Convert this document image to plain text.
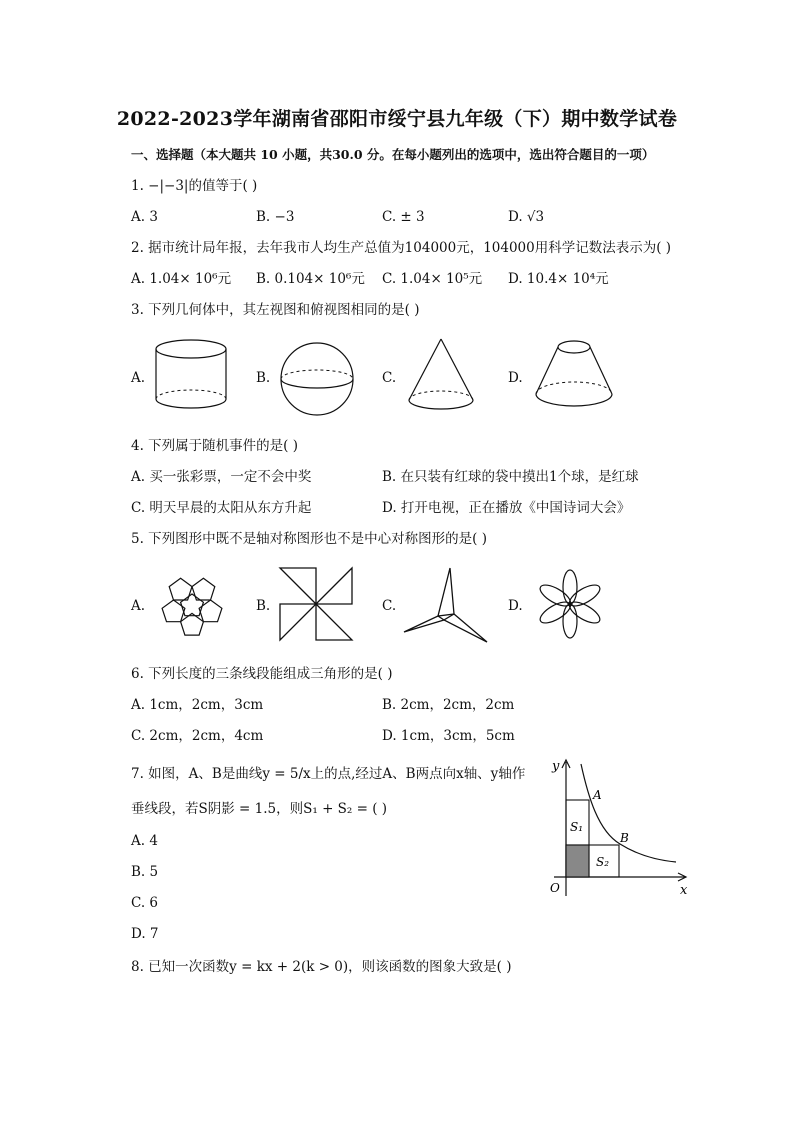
2022-2023学年湖南省邵阳市绥宁县九年级（下）期中数学试卷
一、选择题（本大题共 10 小题，共30.0 分。在每小题列出的选项中，选出符合题目的一项）
1. −|−3|的值等于( )
A. 3	B. −3	C. ± 3	D. √3
2. 据市统计局年报，去年我市人均生产总值为104000元，104000用科学记数法表示为( )
A. 1.04× 10⁶元 B. 0.104× 10⁶元 C. 1.04× 10⁵元 D. 10.4× 10⁴元
3. 下列几何体中，其左视图和俯视图相同的是( )
A.	B.	C.	D.
4. 下列属于随机事件的是( )
A. 买一张彩票，一定不会中奖	B. 在只装有红球的袋中摸出1个球，是红球
C. 明天早晨的太阳从东方升起	D. 打开电视，正在播放《中国诗词大会》
5. 下列图形中既不是轴对称图形也不是中心对称图形的是( )
A.	B.	C.	D.
6. 下列长度的三条线段能组成三角形的是( )
A. 1cm，2cm，3cm	B. 2cm，2cm，2cm
C. 2cm，2cm，4cm	D. 1cm，3cm，5cm
7. 如图，A、B是曲线y = 5/x上的点,经过A、B两点向x轴、y轴作
垂线段，若S阴影 = 1.5，则S₁ + S₂ = ( )
A. 4
B. 5
C. 6
D. 7
y
x
O
A
B
S₁
S₂
8. 已知一次函数y = kx + 2(k > 0)，则该函数的图象大致是( )
